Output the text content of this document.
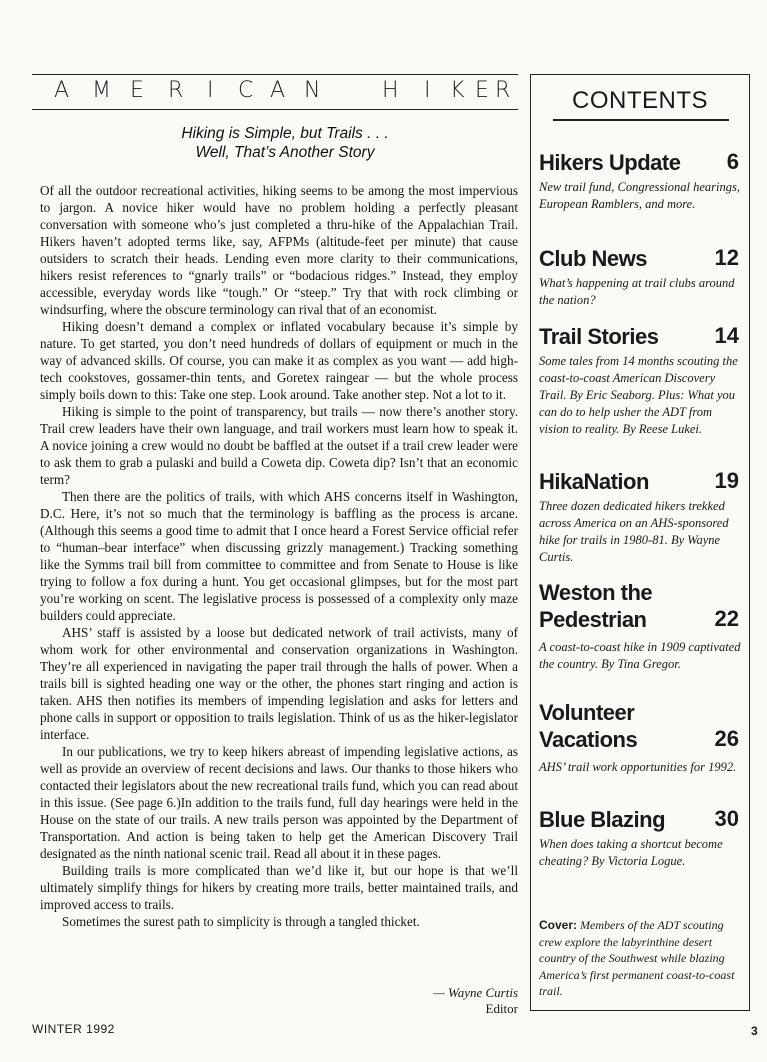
A M E R I C A N	H I K E R
Hiking is Simple, but Trails . . .
Well, That’s Another Story

Of all the outdoor recreational activities, hiking seems to be among the most impervious to jargon. A novice hiker would have no problem holding a perfectly pleasant conversation with someone who’s just completed a thru-hike of the Appalachian Trail. Hikers haven’t adopted terms like, say, AFPMs (altitude-feet per minute) that cause outsiders to scratch their heads. Lending even more clarity to their communications, hikers resist references to “gnarly trails” or “bodacious ridges.” Instead, they employ accessible, everyday words like “tough.” Or “steep.” Try that with rock climbing or windsurfing, where the obscure terminology can rival that of an economist.

Hiking doesn’t demand a complex or inflated vocabulary because it’s simple by nature. To get started, you don’t need hundreds of dollars of equipment or much in the way of advanced skills. Of course, you can make it as complex as you want — add high-tech cookstoves, gossamer-thin tents, and Goretex raingear — but the whole process simply boils down to this: Take one step. Look around. Take another step. Not a lot to it.

Hiking is simple to the point of transparency, but trails — now there’s another story. Trail crew leaders have their own language, and trail workers must learn how to speak it. A novice joining a crew would no doubt be baffled at the outset if a trail crew leader were to ask them to grab a pulaski and build a Coweta dip. Coweta dip? Isn’t that an economic term?

Then there are the politics of trails, with which AHS concerns itself in Washington, D.C. Here, it’s not so much that the terminology is baffling as the process is arcane. (Although this seems a good time to admit that I once heard a Forest Service official refer to “human–bear interface” when discussing grizzly management.) Tracking something like the Symms trail bill from committee to committee and from Senate to House is like trying to follow a fox during a hunt. You get occasional glimpses, but for the most part you’re working on scent. The legislative process is possessed of a complexity only maze builders could appreciate.

AHS’ staff is assisted by a loose but dedicated network of trail activists, many of whom work for other environmental and conservation organizations in Washington. They’re all experienced in navigating the paper trail through the halls of power. When a trails bill is sighted heading one way or the other, the phones start ringing and action is taken. AHS then notifies its members of impending legislation and asks for letters and phone calls in support or opposition to trails legislation. Think of us as the hiker-legislator interface.

In our publications, we try to keep hikers abreast of impending legislative actions, as well as provide an overview of recent decisions and laws. Our thanks to those hikers who contacted their legislators about the new recreational trails fund, which you can read about in this issue. (See page 6.)In addition to the trails fund, full day hearings were held in the House on the state of our trails. A new trails person was appointed by the Department of Transportation. And action is being taken to help get the American Discovery Trail designated as the ninth national scenic trail. Read all about it in these pages.

Building trails is more complicated than we’d like it, but our hope is that we’ll ultimately simplify things for hikers by creating more trails, better maintained trails, and improved access to trails.

Sometimes the surest path to simplicity is through a tangled thicket.

— Wayne Curtis
Editor
WINTER 1992	3
CONTENTS
Hikers Update	6
New trail fund, Congressional hearings, European Ramblers, and more.
Club News	12
What’s happening at trail clubs around the nation?
Trail Stories	14
Some tales from 14 months scouting the coast-to-coast American Discovery Trail. By Eric Seaborg. Plus: What you can do to help usher the ADT from vision to reality. By Reese Lukei.
HikaNation	19
Three dozen dedicated hikers trekked across America on an AHS-sponsored hike for trails in 1980-81. By Wayne Curtis.
Weston the
Pedestrian	22
A coast-to-coast hike in 1909 captivated the country. By Tina Gregor.
Volunteer
Vacations	26
AHS’ trail work opportunities for 1992.
Blue Blazing	30
When does taking a shortcut become cheating? By Victoria Logue.
Cover: Members of the ADT scouting crew explore the labyrinthine desert country of the Southwest while blazing America’s first permanent coast-to-coast trail.
